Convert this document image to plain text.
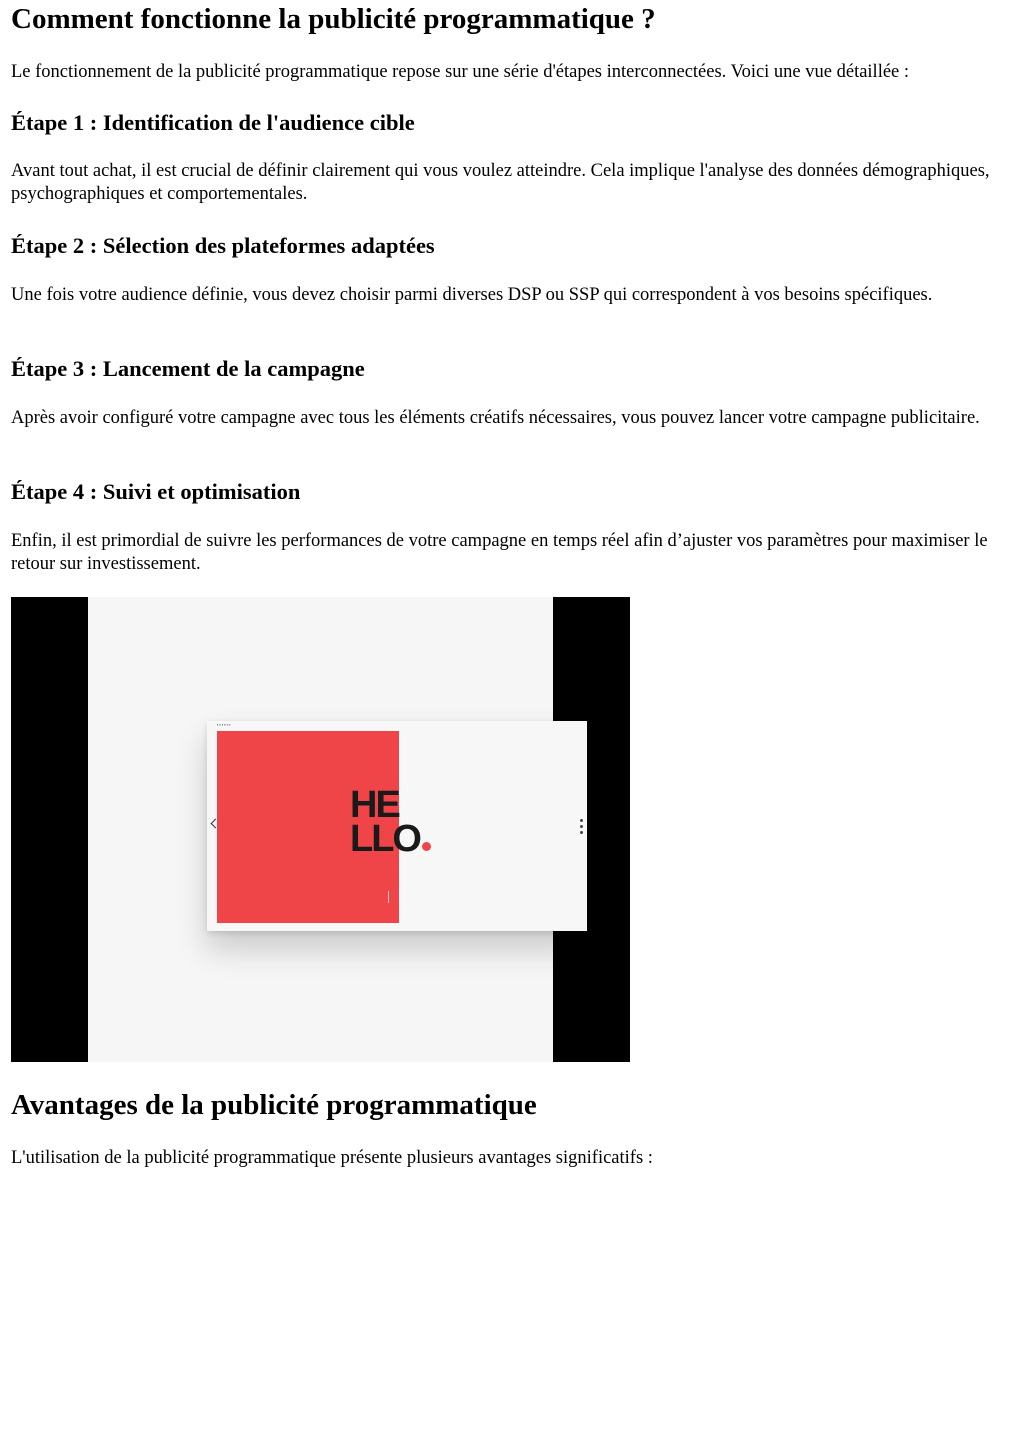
Comment fonctionne la publicité programmatique ?

Le fonctionnement de la publicité programmatique repose sur une série d'étapes interconnectées. Voici une vue détaillée :

Étape 1 : Identification de l'audience cible

Avant tout achat, il est crucial de définir clairement qui vous voulez atteindre. Cela implique l'analyse des données démographiques, psychographiques et comportementales.

Étape 2 : Sélection des plateformes adaptées

Une fois votre audience définie, vous devez choisir parmi diverses DSP ou SSP qui correspondent à vos besoins spécifiques.

Étape 3 : Lancement de la campagne

Après avoir configuré votre campagne avec tous les éléments créatifs nécessaires, vous pouvez lancer votre campagne publicitaire.

Étape 4 : Suivi et optimisation

Enfin, il est primordial de suivre les performances de votre campagne en temps réel afin d’ajuster vos paramètres pour maximiser le retour sur investissement.

▪▪▪▪▪▪
HE
LLO
Avantages de la publicité programmatique

L'utilisation de la publicité programmatique présente plusieurs avantages significatifs :
